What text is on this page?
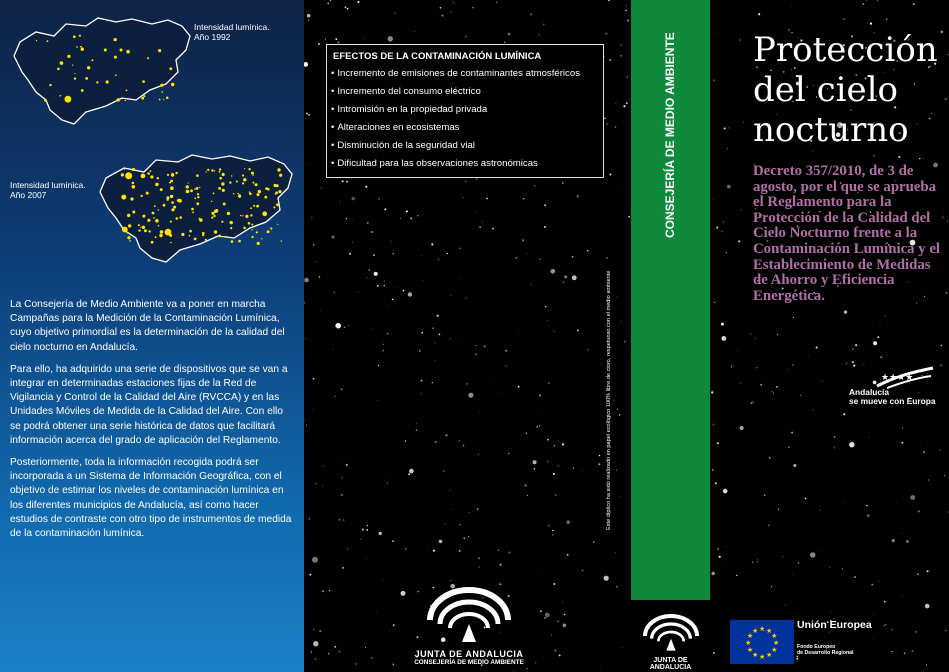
Intensidad lumínica.
Año 1992
Intensidad lumínica.
Año 2007

La Consejería de Medio Ambiente va a poner en marcha Campañas para la Medición de la Contaminación Lumínica, cuyo objetivo primordial es la determinación de la calidad del cielo nocturno en Andalucía.

Para ello, ha adquirido una serie de dispositivos que se van a integrar en determinadas estaciones fijas de la Red de Vigilancia y Control de la Calidad del Aire (RVCCA) y en las Unidades Móviles de Medida de la Calidad del Aire. Con ello se podrá obtener una serie histórica de datos que facilitará información acerca del grado de aplicación del Reglamento.

Posteriormente, toda la información recogida podrá ser incorporada a un Sistema de Información Geográfica, con el objetivo de estimar los niveles de contaminación lumínica en los diferentes municipios de Andalucía, así como hacer estudios de contraste con otro tipo de instrumentos de medida de la contaminación lumínica.

EFECTOS DE LA CONTAMINACIÓN LUMÍNICA
• Incremento de emisiones de contaminantes atmosféricos
• Incremento del consumo eléctrico
• Intromisión en la propiedad privada
• Alteraciones en ecosistemas
• Disminución de la seguridad vial
• Dificultad para las observaciones astronómicas
Este díptico ha sido realizado en papel ecológico 100% libre de cloro, respetuoso con el medio ambiente
JUNTA DE ANDALUCIA
CONSEJERÍA DE MEDIO AMBIENTE
CONSEJERÍA DE MEDIO AMBIENTE
JUNTA DE ANDALUCIA
Protección
del cielo
nocturno
Decreto 357/2010, de 3 de agosto, por el que se aprueba el Reglamento para la Protección de la Calidad del Cielo Nocturno frente a la Contaminación Lumínica y el Establecimiento de Medidas de Ahorro y Eficiencia Energética.
★★★★
Andalucía
se mueve con Europa
★
★
★
★
★
★
★
★
★ ★ ★
★
Unión Europea
Fondo Europeo
de Desarrollo Regional
